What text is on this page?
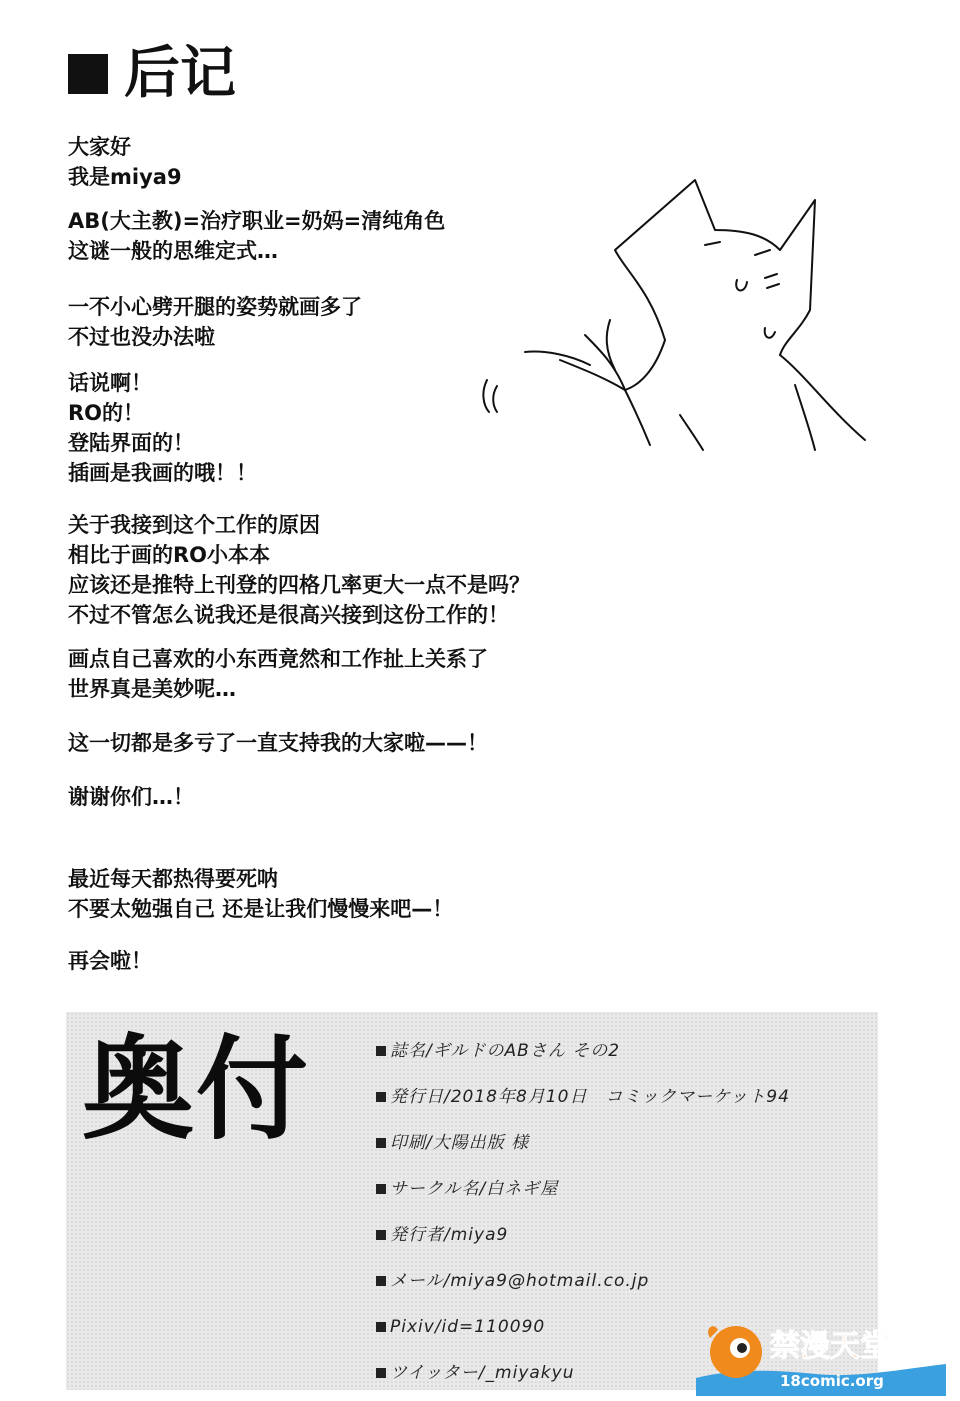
后记
大家好
我是miya9
AB(大主教)=治疗职业=奶妈=清纯角色
这谜一般的思维定式…
一不小心劈开腿的姿势就画多了
不过也没办法啦
话说啊！
RO的！
登陆界面的！
插画是我画的哦！！
关于我接到这个工作的原因
相比于画的RO小本本
应该还是推特上刊登的四格几率更大一点不是吗？
不过不管怎么说我还是很高兴接到这份工作的！
画点自己喜欢的小东西竟然和工作扯上关系了
世界真是美妙呢…
这一切都是多亏了一直支持我的大家啦——！
谢谢你们…！
最近每天都热得要死呐
不要太勉强自己 还是让我们慢慢来吧—！
再会啦！
奥付	誌名/ギルドのABさん その2
発行日/2018年8月10日　コミックマーケット94
印刷/大陽出版 様
サークル名/白ネギ屋
発行者/miya9
メール/miya9@hotmail.co.jp
Pixiv/id=110090
ツイッター/_miyakyu
禁漫天堂
18comic.org
